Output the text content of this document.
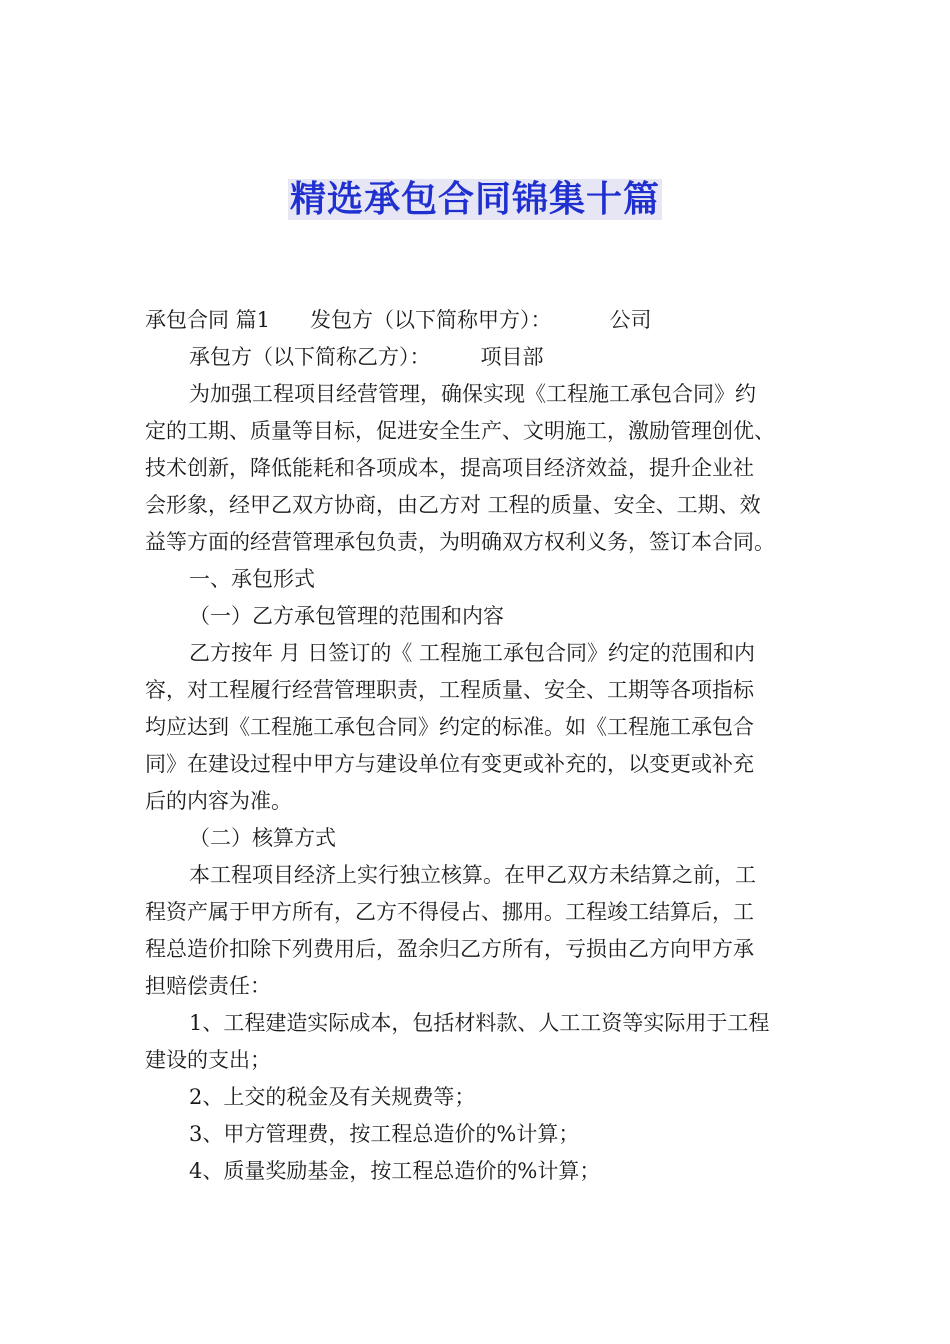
精选承包合同锦集十篇
承包合同 篇1 发包方（以下简称甲方）：	公司
承包方（以下简称乙方）： 项目部
为加强工程项目经营管理，确保实现《工程施工承包合同》约
定的工期、质量等目标，促进安全生产、文明施工，激励管理创优、
技术创新，降低能耗和各项成本，提高项目经济效益，提升企业社
会形象，经甲乙双方协商，由乙方对 工程的质量、安全、工期、效
益等方面的经营管理承包负责，为明确双方权利义务，签订本合同。
一、承包形式
（一）乙方承包管理的范围和内容
乙方按年 月 日签订的《 工程施工承包合同》约定的范围和内
容，对工程履行经营管理职责，工程质量、安全、工期等各项指标
均应达到《工程施工承包合同》约定的标准。如《工程施工承包合
同》在建设过程中甲方与建设单位有变更或补充的，以变更或补充
后的内容为准。
（二）核算方式
本工程项目经济上实行独立核算。在甲乙双方未结算之前，工
程资产属于甲方所有，乙方不得侵占、挪用。工程竣工结算后，工
程总造价扣除下列费用后，盈余归乙方所有，亏损由乙方向甲方承
担赔偿责任：
1、工程建造实际成本，包括材料款、人工工资等实际用于工程
建设的支出；
2、上交的税金及有关规费等；
3、甲方管理费，按工程总造价的%计算；
4、质量奖励基金，按工程总造价的%计算；
